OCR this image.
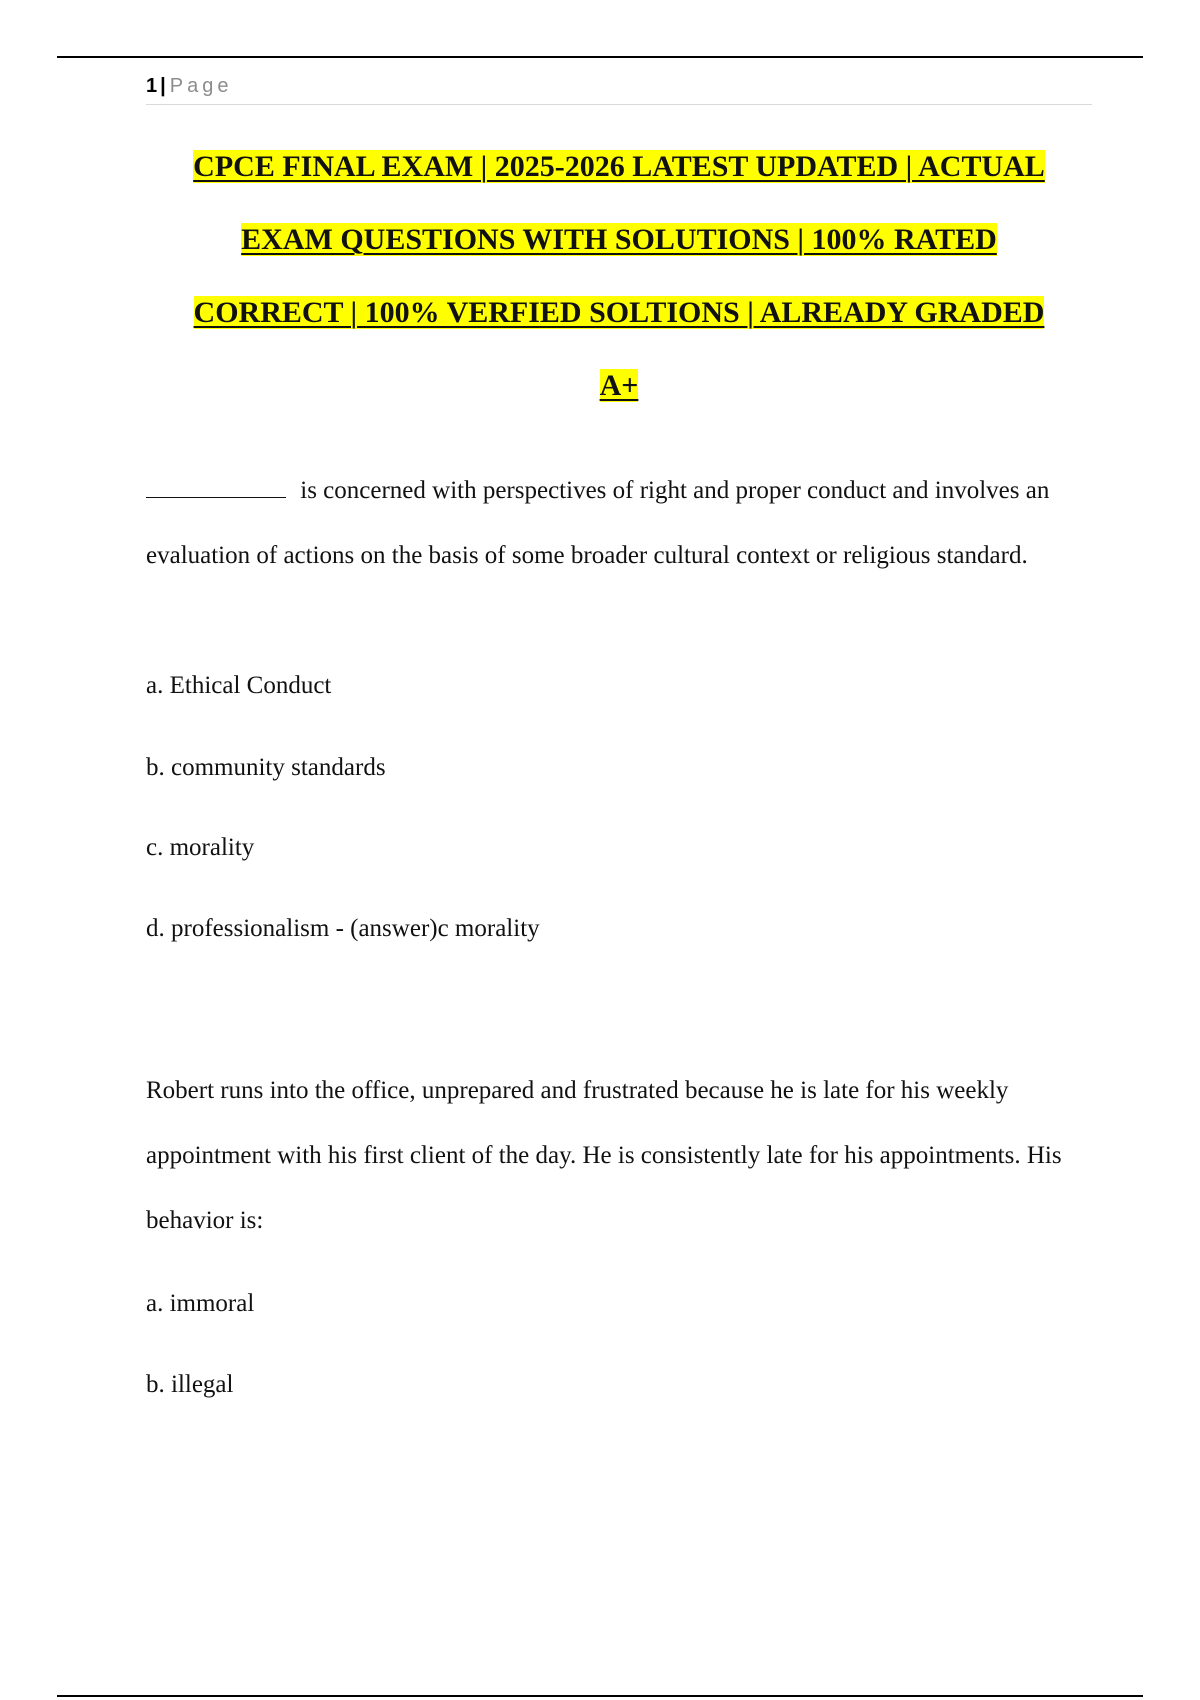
1 | Page
CPCE FINAL EXAM | 2025-2026 LATEST UPDATED | ACTUAL
EXAM QUESTIONS WITH SOLUTIONS | 100% RATED
CORRECT | 100% VERFIED SOLTIONS | ALREADY GRADED
A+

is concerned with perspectives of right and proper conduct and involves an evaluation of actions on the basis of some broader cultural context or religious standard.

a. Ethical Conduct

b. community standards

c. morality

d. professionalism - (answer)c morality

Robert runs into the office, unprepared and frustrated because he is late for his weekly appointment with his first client of the day. He is consistently late for his appointments. His behavior is:

a. immoral

b. illegal
